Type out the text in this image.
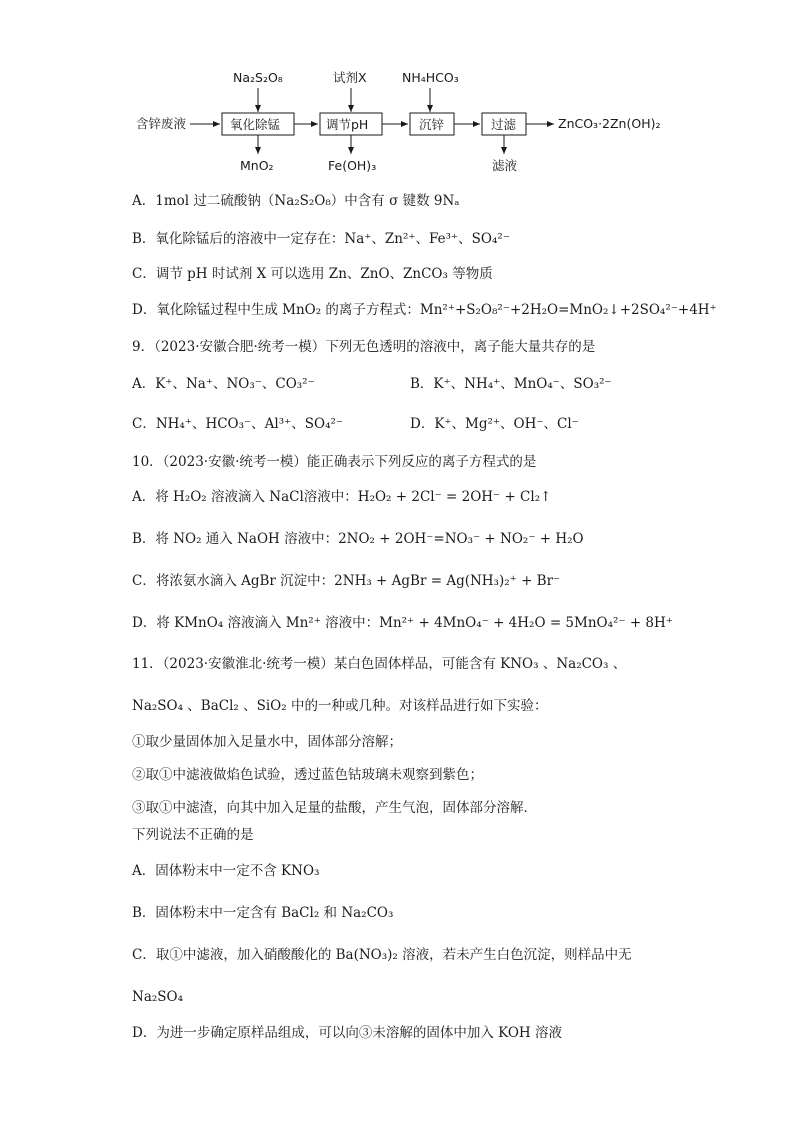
Na₂S₂O₈	试剂X	NH₄HCO₃
含锌废液	氧化除锰	调节pH	沉锌	过滤	ZnCO₃·2Zn(OH)₂
MnO₂	Fe(OH)₃	滤液
A．1mol 过二硫酸钠（Na₂S₂O₈）中含有 σ 键数 9Nₐ
B．氧化除锰后的溶液中一定存在：Na⁺、Zn²⁺、Fe³⁺、SO₄²⁻
C．调节 pH 时试剂 X 可以选用 Zn、ZnO、ZnCO₃ 等物质
D．氧化除锰过程中生成 MnO₂ 的离子方程式：Mn²⁺+S₂O₈²⁻+2H₂O=MnO₂↓+2SO₄²⁻+4H⁺
9．（2023·安徽合肥·统考一模）下列无色透明的溶液中，离子能大量共存的是
A．K⁺、Na⁺、NO₃⁻、CO₃²⁻	B．K⁺、NH₄⁺、MnO₄⁻、SO₃²⁻
C．NH₄⁺、HCO₃⁻、Al³⁺、SO₄²⁻	D．K⁺、Mg²⁺、OH⁻、Cl⁻
10．（2023·安徽·统考一模）能正确表示下列反应的离子方程式的是
A．将 H₂O₂ 溶液滴入 NaCl溶液中：H₂O₂ + 2Cl⁻ = 2OH⁻ + Cl₂↑
B．将 NO₂ 通入 NaOH 溶液中：2NO₂ + 2OH⁻=NO₃⁻ + NO₂⁻ + H₂O
C．将浓氨水滴入 AgBr 沉淀中：2NH₃ + AgBr = Ag(NH₃)₂⁺ + Br⁻
D．将 KMnO₄ 溶液滴入 Mn²⁺ 溶液中：Mn²⁺ + 4MnO₄⁻ + 4H₂O = 5MnO₄²⁻ + 8H⁺
11．（2023·安徽淮北·统考一模）某白色固体样品，可能含有 KNO₃ 、Na₂CO₃ 、
Na₂SO₄ 、BaCl₂ 、SiO₂ 中的一种或几种。对该样品进行如下实验：
①取少量固体加入足量水中，固体部分溶解；
②取①中滤液做焰色试验，透过蓝色钴玻璃未观察到紫色；
③取①中滤渣，向其中加入足量的盐酸，产生气泡，固体部分溶解．
下列说法不正确的是
A．固体粉末中一定不含 KNO₃
B．固体粉末中一定含有 BaCl₂ 和 Na₂CO₃
C．取①中滤液，加入硝酸酸化的 Ba(NO₃)₂ 溶液，若未产生白色沉淀，则样品中无
Na₂SO₄
D．为进一步确定原样品组成，可以向③未溶解的固体中加入 KOH 溶液
